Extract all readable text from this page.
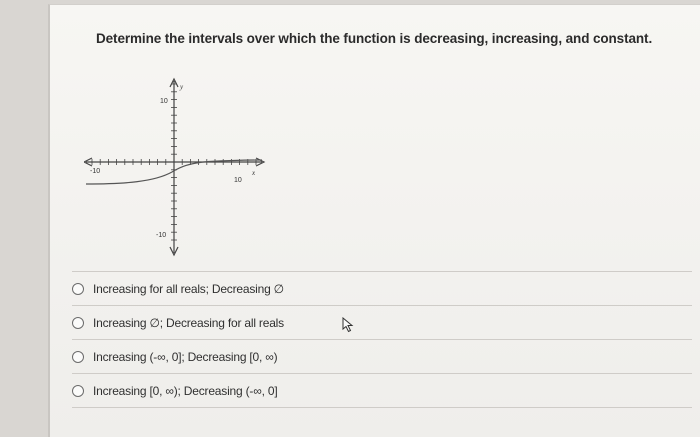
Determine the intervals over which the function is decreasing, increasing, and constant.

y
x
10
-10
-10
10
Increasing for all reals; Decreasing ∅
Increasing ∅; Decreasing for all reals
Increasing (-∞, 0]; Decreasing [0, ∞)
Increasing [0, ∞); Decreasing (-∞, 0]
